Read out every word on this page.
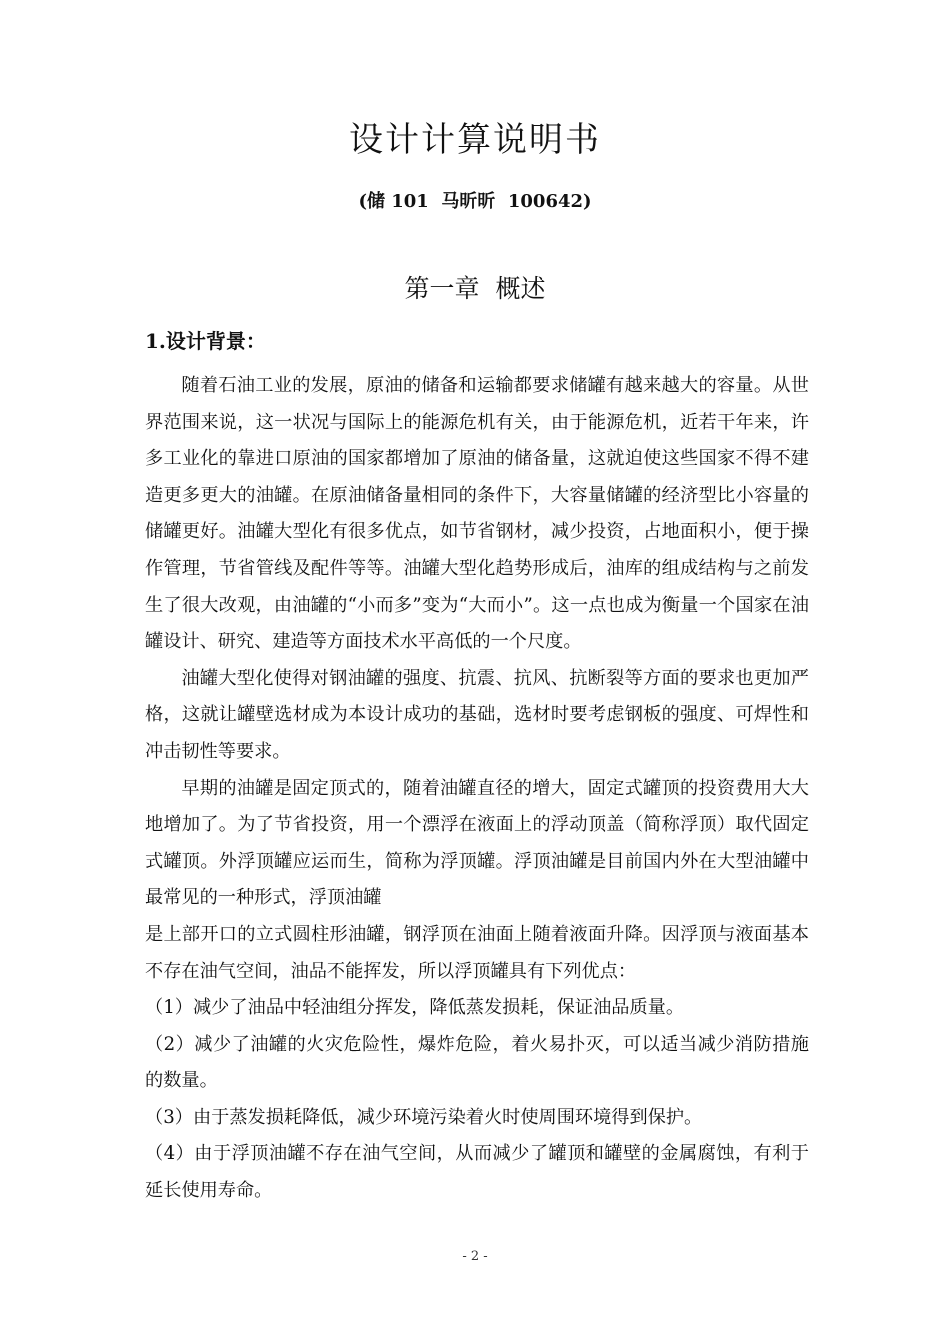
设计计算说明书
(储 101  马昕昕  100642)
第一章  概述
1.设计背景：

随着石油工业的发展，原油的储备和运输都要求储罐有越来越大的容量。从世界范围来说，这一状况与国际上的能源危机有关，由于能源危机，近若干年来，许多工业化的靠进口原油的国家都增加了原油的储备量，这就迫使这些国家不得不建造更多更大的油罐。在原油储备量相同的条件下，大容量储罐的经济型比小容量的储罐更好。油罐大型化有很多优点，如节省钢材，减少投资，占地面积小，便于操作管理，节省管线及配件等等。油罐大型化趋势形成后，油库的组成结构与之前发生了很大改观，由油罐的“小而多”变为“大而小”。这一点也成为衡量一个国家在油罐设计、研究、建造等方面技术水平高低的一个尺度。

油罐大型化使得对钢油罐的强度、抗震、抗风、抗断裂等方面的要求也更加严格，这就让罐壁选材成为本设计成功的基础，选材时要考虑钢板的强度、可焊性和冲击韧性等要求。

早期的油罐是固定顶式的，随着油罐直径的增大，固定式罐顶的投资费用大大地增加了。为了节省投资，用一个漂浮在液面上的浮动顶盖（简称浮顶）取代固定式罐顶。外浮顶罐应运而生，简称为浮顶罐。浮顶油罐是目前国内外在大型油罐中最常见的一种形式，浮顶油罐

是上部开口的立式圆柱形油罐，钢浮顶在油面上随着液面升降。因浮顶与液面基本不存在油气空间，油品不能挥发，所以浮顶罐具有下列优点：

（1）减少了油品中轻油组分挥发，降低蒸发损耗，保证油品质量。

（2）减少了油罐的火灾危险性，爆炸危险，着火易扑灭，可以适当减少消防措施的数量。

（3）由于蒸发损耗降低，减少环境污染着火时使周围环境得到保护。

（4）由于浮顶油罐不存在油气空间，从而减少了罐顶和罐壁的金属腐蚀，有利于延长使用寿命。

- 2 -
